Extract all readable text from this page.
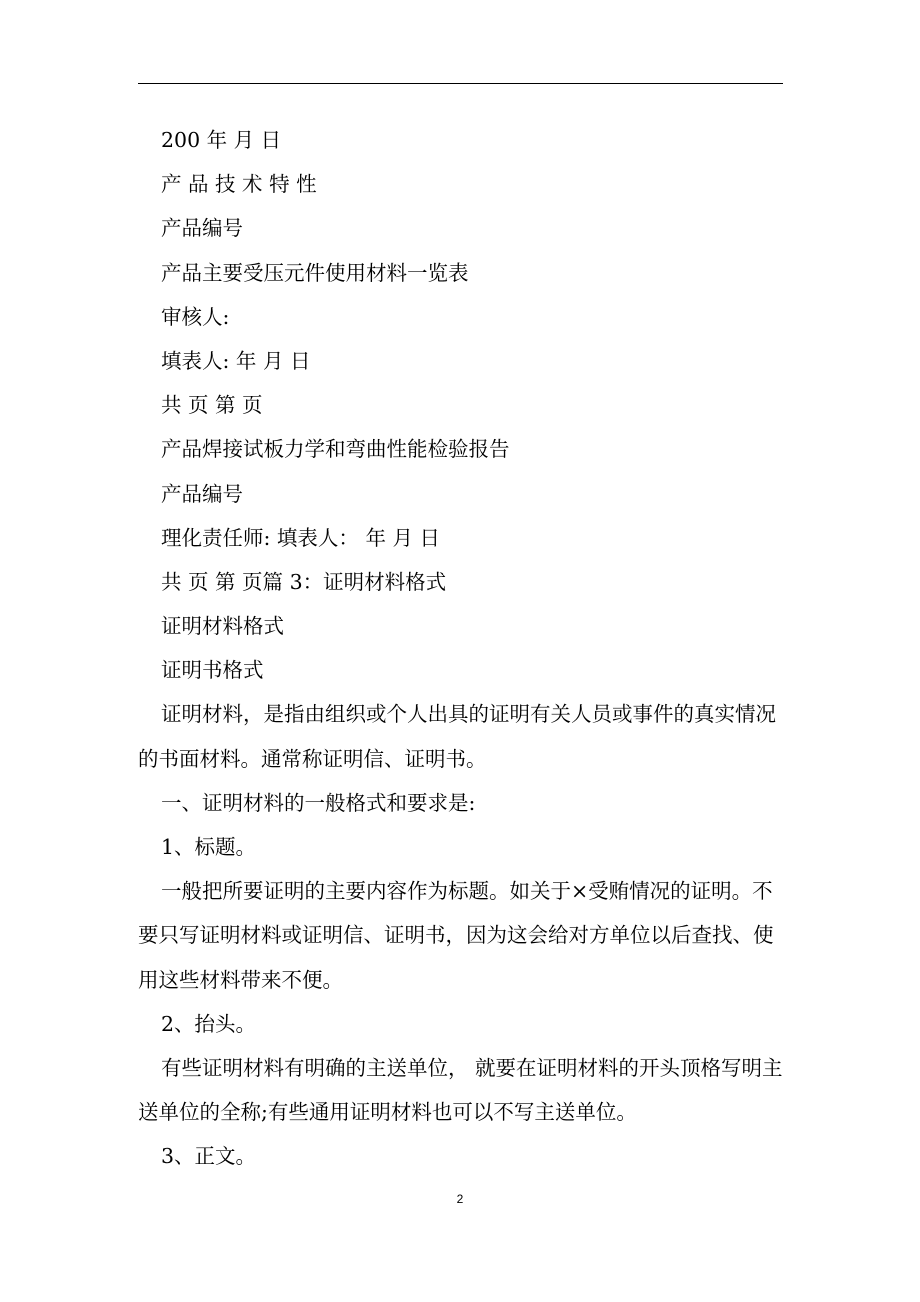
200 年 月 日
产 品 技 术 特 性
产品编号
产品主要受压元件使用材料一览表
审核人:
填表人: 年 月 日
共 页 第 页
产品焊接试板力学和弯曲性能检验报告
产品编号
理化责任师: 填表人： 年 月 日
共 页 第 页篇 3：证明材料格式
证明材料格式
证明书格式
证明材料，是指由组织或个人出具的证明有关人员或事件的真实情况的书面材料。通常称证明信、证明书。
一、证明材料的一般格式和要求是:
1、标题。
一般把所要证明的主要内容作为标题。如关于×受贿情况的证明。不要只写证明材料或证明信、证明书，因为这会给对方单位以后查找、使用这些材料带来不便。
2、抬头。
有些证明材料有明确的主送单位， 就要在证明材料的开头顶格写明主送单位的全称;有些通用证明材料也可以不写主送单位。
3、正文。
2
